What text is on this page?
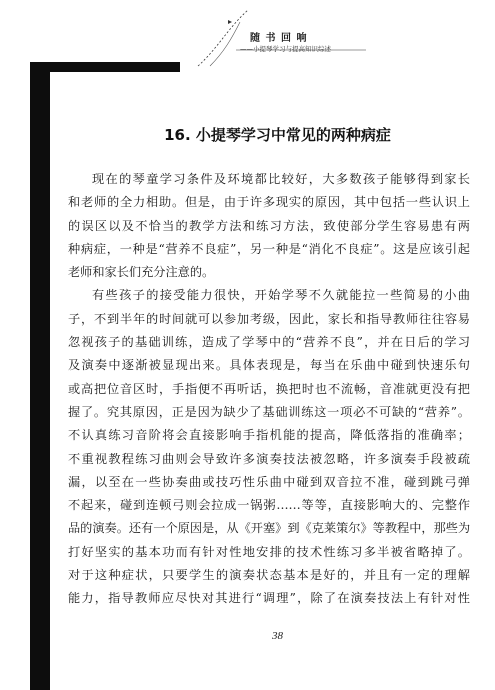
随 书 回 响
——小提琴学习与提高知识综述
16. 小提琴学习中常见的两种病症
现在的琴童学习条件及环境都比较好，大多数孩子能够得到家长
和老师的全力相助。但是，由于许多现实的原因，其中包括一些认识上
的误区以及不恰当的教学方法和练习方法，致使部分学生容易患有两
种病症，一种是“营养不良症”，另一种是“消化不良症”。这是应该引起
老师和家长们充分注意的。
有些孩子的接受能力很快，开始学琴不久就能拉一些简易的小曲
子，不到半年的时间就可以参加考级，因此，家长和指导教师往往容易
忽视孩子的基础训练，造成了学琴中的“营养不良”，并在日后的学习
及演奏中逐渐被显现出来。具体表现是，每当在乐曲中碰到快速乐句
或高把位音区时，手指便不再听话，换把时也不流畅，音准就更没有把
握了。究其原因，正是因为缺少了基础训练这一项必不可缺的“营养”。
不认真练习音阶将会直接影响手指机能的提高，降低落指的准确率；
不重视教程练习曲则会导致许多演奏技法被忽略，许多演奏手段被疏
漏，以至在一些协奏曲或技巧性乐曲中碰到双音拉不准，碰到跳弓弹
不起来，碰到连顿弓则会拉成一锅粥……等等，直接影响大的、完整作
品的演奏。还有一个原因是，从《开塞》到《克莱策尔》等教程中，那些为
打好坚实的基本功而有针对性地安排的技术性练习多半被省略掉了。
对于这种症状，只要学生的演奏状态基本是好的，并且有一定的理解
能力，指导教师应尽快对其进行“调理”，除了在演奏技法上有针对性
38
